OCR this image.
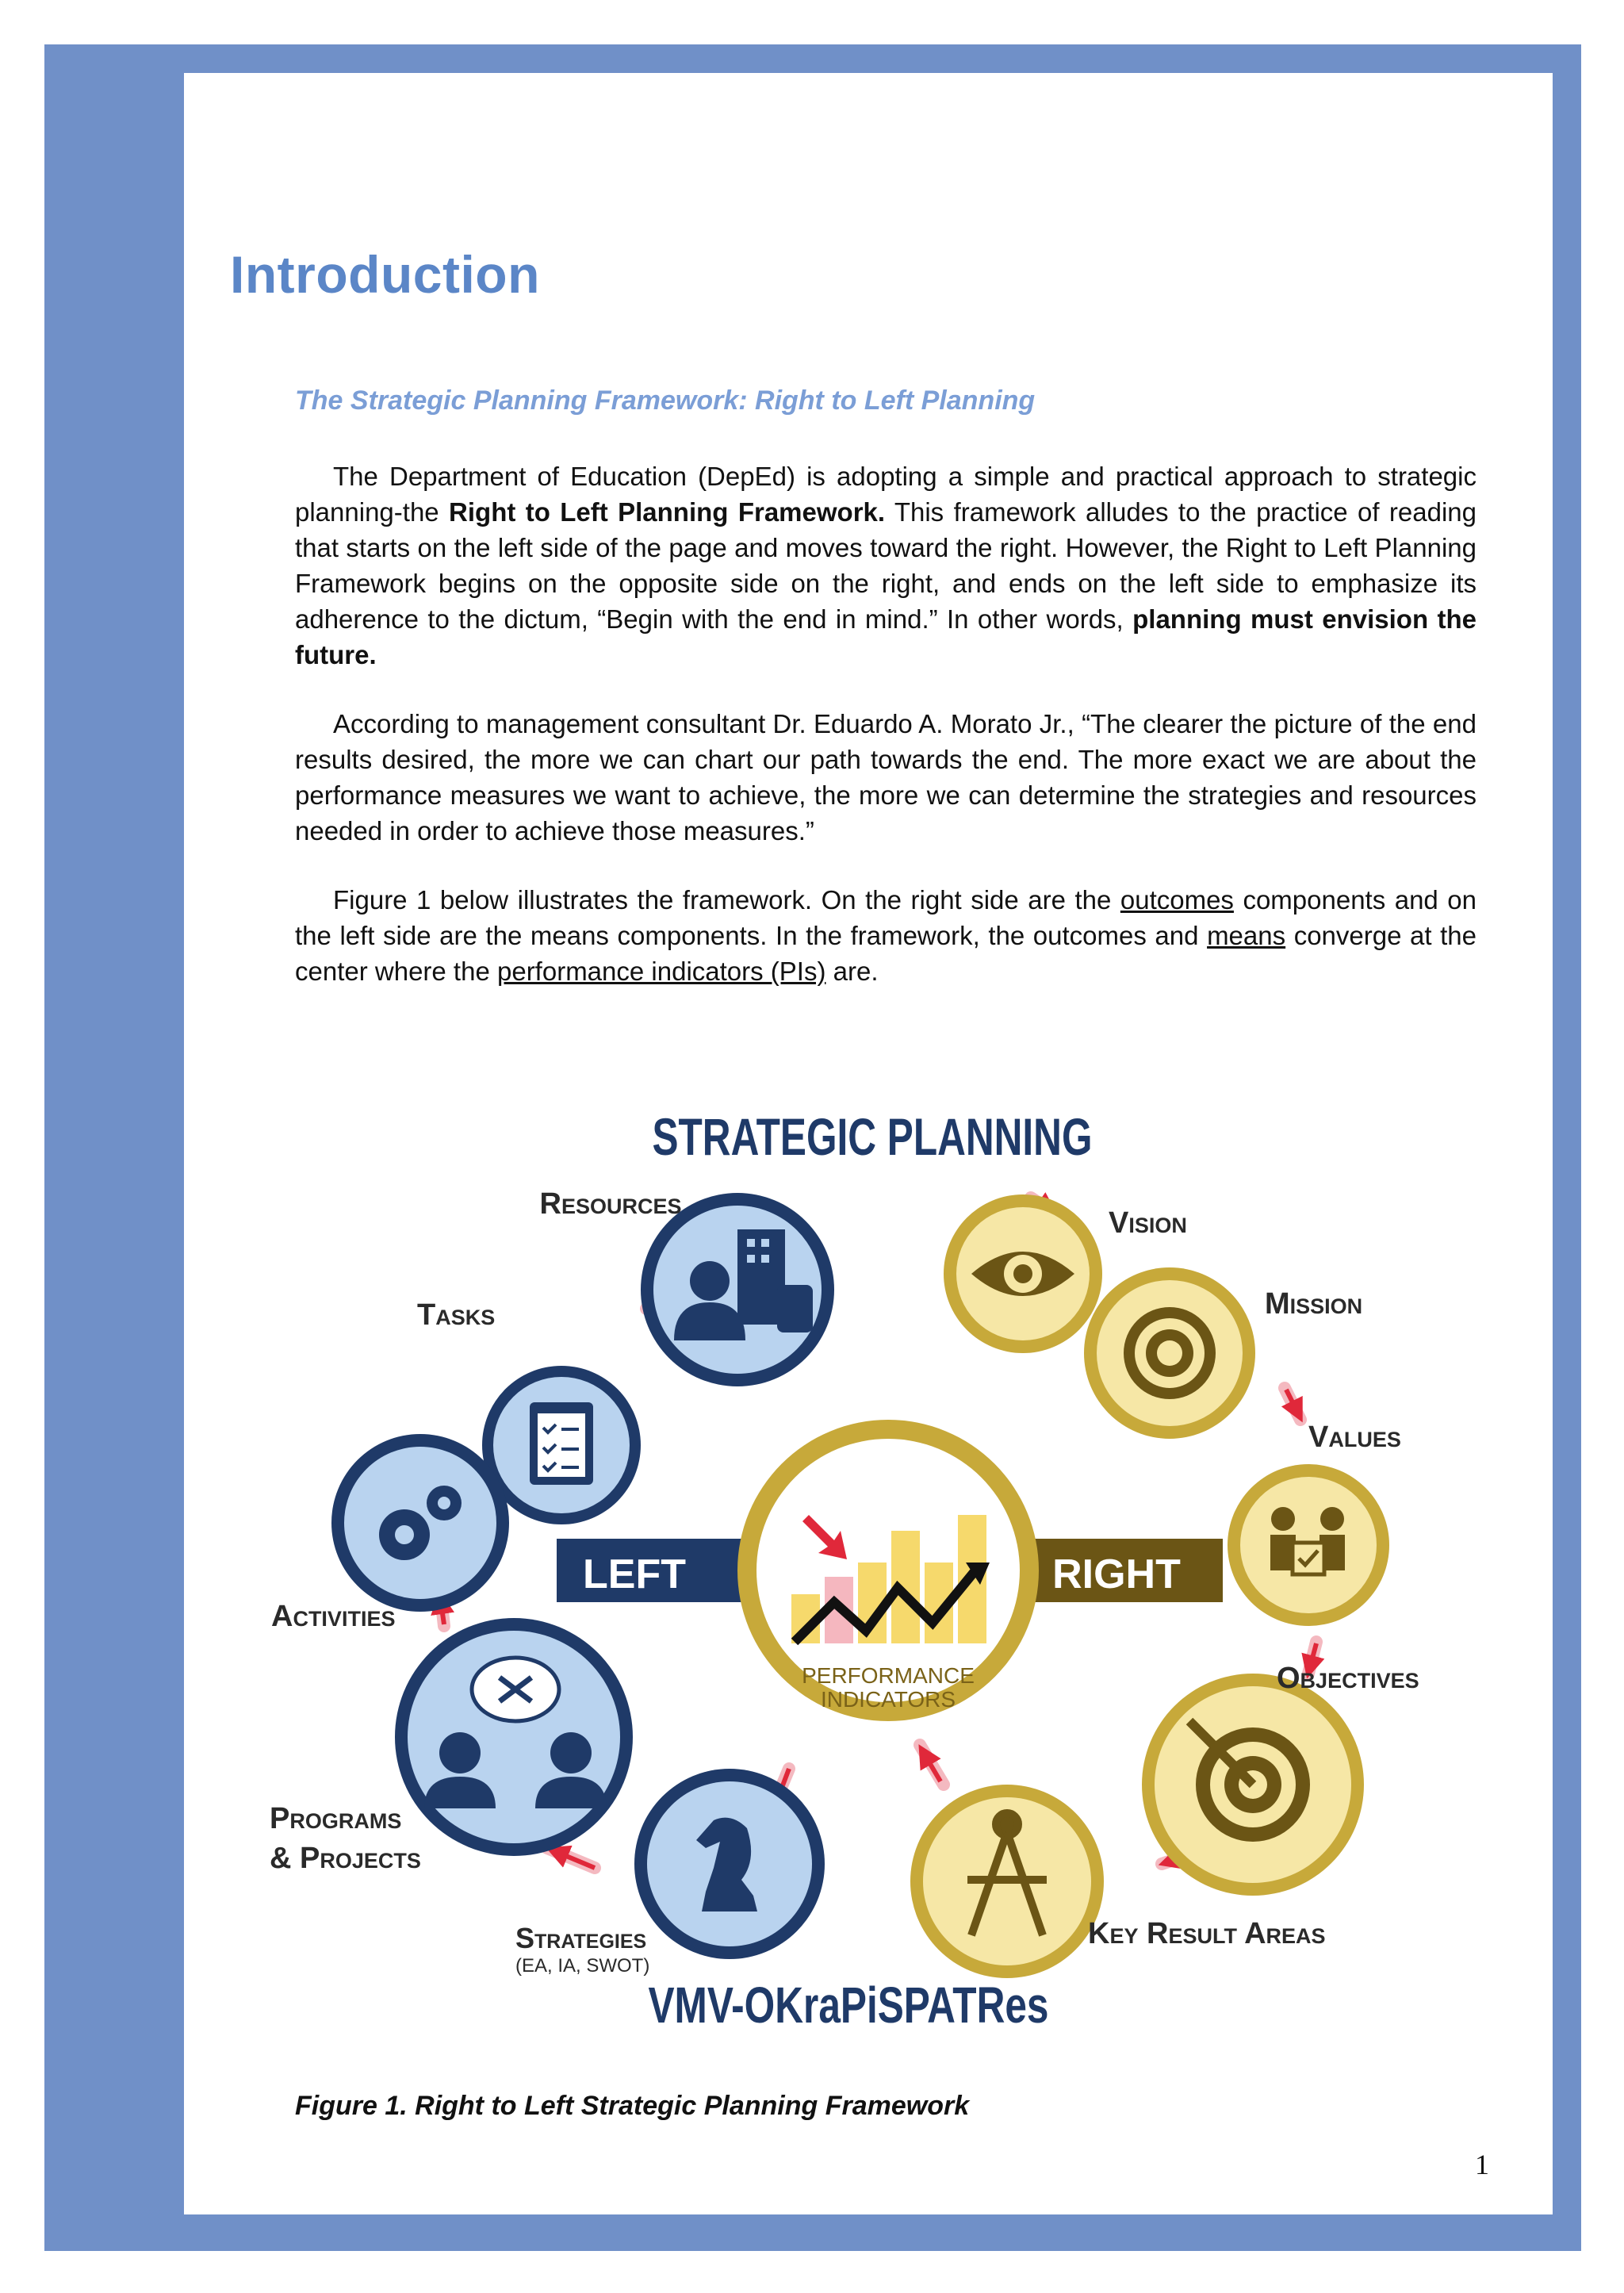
Introduction
The Strategic Planning Framework: Right to Left Planning

The Department of Education (DepEd) is adopting a simple and practical approach to strategic planning-the Right to Left Planning Framework. This framework alludes to the practice of reading that starts on the left side of the page and moves toward the right. However, the Right to Left Planning Framework begins on the opposite side on the right, and ends on the left side to emphasize its adherence to the dictum, “Begin with the end in mind.” In other words, planning must envision the future.

According to management consultant Dr. Eduardo A. Morato Jr., “The clearer the picture of the end results desired, the more we can chart our path towards the end. The more exact we are about the performance measures we want to achieve, the more we can determine the strategies and resources needed in order to achieve those measures.”

Figure 1 below illustrates the framework. On the right side are the outcomes components and on the left side are the means components. In the framework, the outcomes and means converge at the center where the performance indicators (PIs) are.

STRATEGIC PLANNING
LEFT	RIGHT
PERFORMANCE
INDICATORS
Resources
Tasks
Activities
Programs
& Projects
Strategies
(EA, IA, SWOT)
Vision
Mission
Values
Objectives
Key Result Areas
VMV-OKraPiSPATRes

Figure 1. Right to Left Strategic Planning Framework

1
